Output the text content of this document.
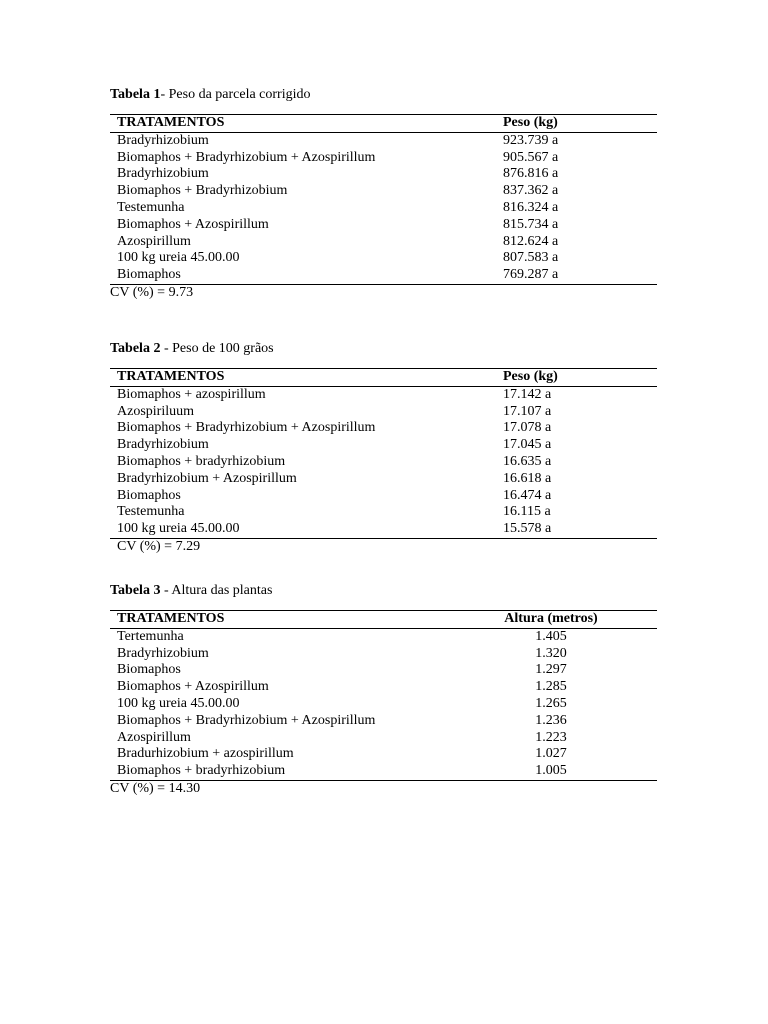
Tabela 1- Peso da parcela corrigido
TRATAMENTOS	Peso (kg)
Bradyrhizobium	923.739 a
Biomaphos + Bradyrhizobium + Azospirillum	905.567 a
Bradyrhizobium	876.816 a
Biomaphos + Bradyrhizobium	837.362 a
Testemunha	816.324 a
Biomaphos + Azospirillum	815.734 a
Azospirillum	812.624 a
100 kg ureia 45.00.00	807.583 a
Biomaphos	769.287 a
CV (%) = 9.73
Tabela 2 - Peso de 100 grãos
TRATAMENTOS	Peso (kg)
Biomaphos + azospirillum	17.142 a
Azospiriluum	17.107 a
Biomaphos + Bradyrhizobium + Azospirillum	17.078 a
Bradyrhizobium	17.045 a
Biomaphos + bradyrhizobium	16.635 a
Bradyrhizobium + Azospirillum	16.618 a
Biomaphos	16.474 a
Testemunha	16.115 a
100 kg ureia 45.00.00	15.578 a
CV (%) = 7.29
Tabela 3 - Altura das plantas
TRATAMENTOS	Altura (metros)
Tertemunha	1.405
Bradyrhizobium	1.320
Biomaphos	1.297
Biomaphos + Azospirillum	1.285
100 kg ureia 45.00.00	1.265
Biomaphos + Bradyrhizobium + Azospirillum	1.236
Azospirillum	1.223
Bradurhizobium + azospirillum	1.027
Biomaphos + bradyrhizobium	1.005
CV (%) = 14.30
